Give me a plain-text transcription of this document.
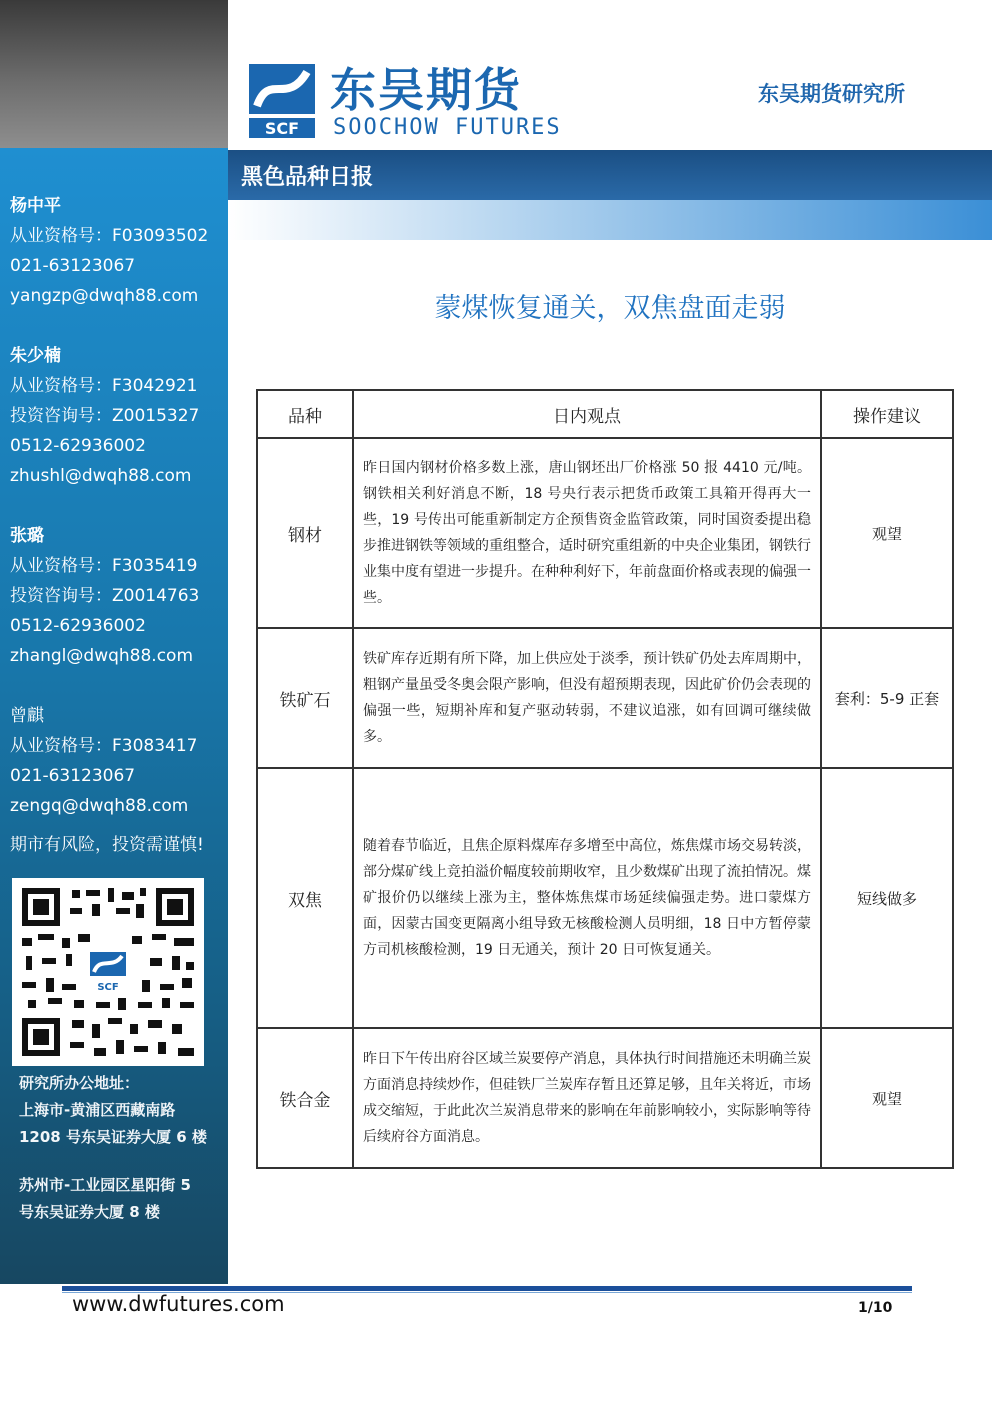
杨中平
从业资格号：F03093502
021-63123067
yangzp@dwqh88.com
朱少楠
从业资格号：F3042921
投资咨询号：Z0015327
0512-62936002
zhushl@dwqh88.com
张璐
从业资格号：F3035419
投资咨询号：Z0014763
0512-62936002
zhangl@dwqh88.com
曾麒
从业资格号：F3083417
021-63123067
zengq@dwqh88.com
期市有风险，投资需谨慎!
SCF
研究所办公地址：
上海市-黄浦区西藏南路
1208 号东吴证券大厦 6 楼
苏州市-工业园区星阳街 5
号东吴证券大厦 8 楼
SCF
东吴期货
SOOCHOW FUTURES
东吴期货研究所
黑色品种日报
蒙煤恢复通关，双焦盘面走弱
品种	日内观点	操作建议
钢材	昨日国内钢材价格多数上涨，唐山钢坯出厂价格涨 50 报 4410 元/吨。钢铁相关利好消息不断，18 号央行表示把货币政策工具箱开得再大一些，19 号传出可能重新制定方企预售资金监管政策，同时国资委提出稳步推进钢铁等领域的重组整合，适时研究重组新的中央企业集团，钢铁行业集中度有望进一步提升。在种种利好下，年前盘面价格或表现的偏强一些。	观望
铁矿石	铁矿库存近期有所下降，加上供应处于淡季，预计铁矿仍处去库周期中，粗钢产量虽受冬奥会限产影响，但没有超预期表现，因此矿价仍会表现的偏强一些，短期补库和复产驱动转弱，不建议追涨，如有回调可继续做多。	套利：5-9 正套
双焦	随着春节临近，且焦企原料煤库存多增至中高位，炼焦煤市场交易转淡，部分煤矿线上竞拍溢价幅度较前期收窄，且少数煤矿出现了流拍情况。煤矿报价仍以继续上涨为主，整体炼焦煤市场延续偏强走势。进口蒙煤方面，因蒙古国变更隔离小组导致无核酸检测人员明细，18 日中方暂停蒙方司机核酸检测，19 日无通关，预计 20 日可恢复通关。	短线做多
铁合金	昨日下午传出府谷区域兰炭要停产消息，具体执行时间措施还未明确兰炭方面消息持续炒作，但硅铁厂兰炭库存暂且还算足够，且年关将近，市场成交缩短，于此此次兰炭消息带来的影响在年前影响较小，实际影响等待后续府谷方面消息。	观望
www.dwfutures.com	1/10
